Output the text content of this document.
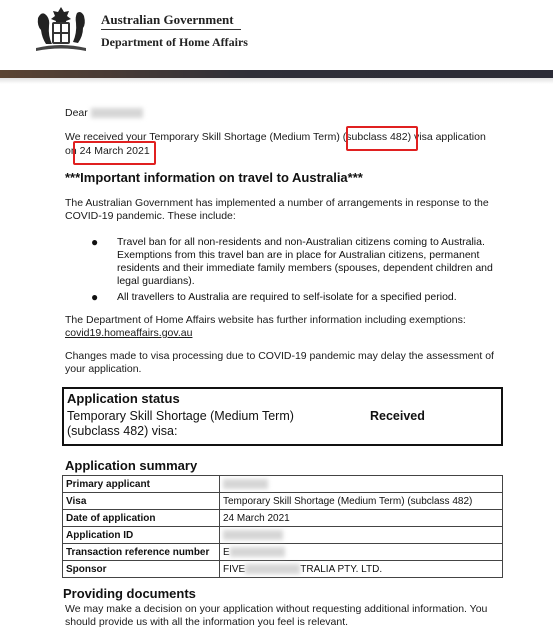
Australian Government
Department of Home Affairs
Dear
We received your Temporary Skill Shortage (Medium Term) (subclass 482) visa application
on 24 March 2021
***Important information on travel to Australia***
The Australian Government has implemented a number of arrangements in response to the COVID-19 pandemic. These include:
● Travel ban for all non-residents and non-Australian citizens coming to Australia. Exemptions from this travel ban are in place for Australian citizens, permanent residents and their immediate family members (spouses, dependent children and legal guardians).
● All travellers to Australia are required to self-isolate for a specified period.
The Department of Home Affairs website has further information including exemptions:
covid19.homeaffairs.gov.au
Changes made to visa processing due to COVID-19 pandemic may delay the assessment of your application.
Application status
Temporary Skill Shortage (Medium Term) (subclass 482) visa:
Received
Application summary
Primary applicant	
Visa	Temporary Skill Shortage (Medium Term) (subclass 482)
Date of application	24 March 2021
Application ID	
Transaction reference number	E
Sponsor	FIVE TRALIA PTY. LTD.
Providing documents
We may make a decision on your application without requesting additional information. You should provide us with all the information you feel is relevant.
